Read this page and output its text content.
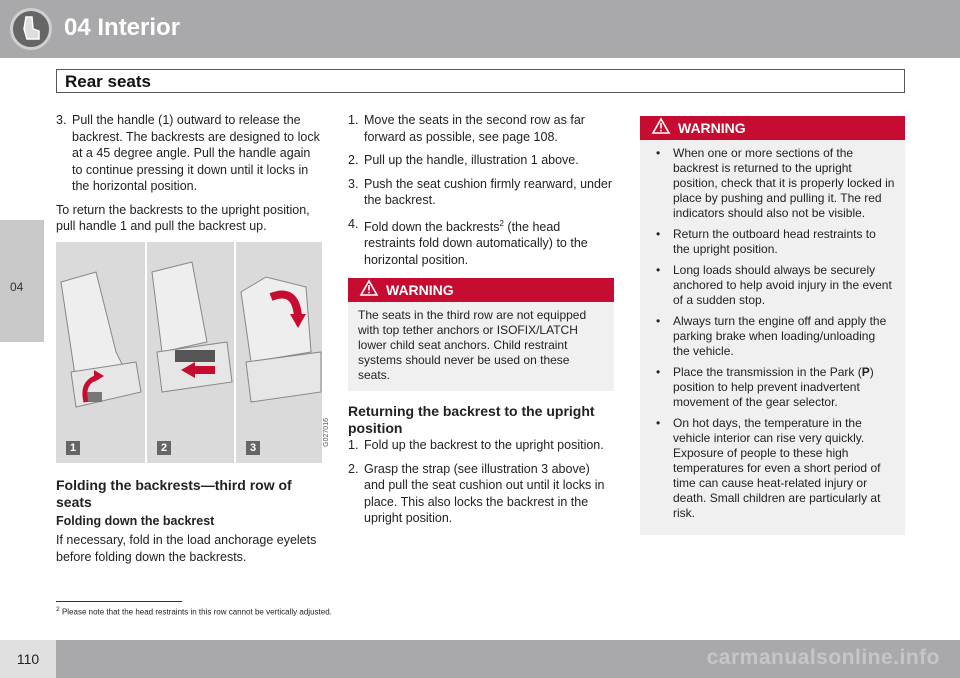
04 Interior
Rear seats
04
3. Pull the handle (1) outward to release the backrest. The backrests are designed to lock at a 45 degree angle. Pull the handle again to continue pressing it down until it locks in the horizontal position.
To return the backrests to the upright position, pull handle 1 and pull the backrest up.
1	2	3
G027016
Folding the backrests—third row of seats
Folding down the backrest
If necessary, fold in the load anchorage eyelets before folding down the backrests.
1. Move the seats in the second row as far forward as possible, see page 108.
2. Pull up the handle, illustration 1 above.
3. Push the seat cushion firmly rearward, under the backrest.
4. Fold down the backrests$^2$ (the head restraints fold down automatically) to the horizontal position.
WARNING
The seats in the third row are not equipped with top tether anchors or ISOFIX/LATCH lower child seat anchors. Child restraint systems should never be used on these seats.
Returning the backrest to the upright position
1. Fold up the backrest to the upright position.
2. Grasp the strap (see illustration 3 above) and pull the seat cushion out until it locks in place. This also locks the backrest in the upright position.
WARNING
• When one or more sections of the backrest is returned to the upright position, check that it is properly locked in place by pushing and pulling it. The red indicators should also not be visible.
• Return the outboard head restraints to the upright position.
• Long loads should always be securely anchored to help avoid injury in the event of a sudden stop.
• Always turn the engine off and apply the parking brake when loading/unloading the vehicle.
• Place the transmission in the Park (P) position to help prevent inadvertent movement of the gear selector.
• On hot days, the temperature in the vehicle interior can rise very quickly. Exposure of people to these high temperatures for even a short period of time can cause heat-related injury or death. Small children are particularly at risk.
$^2$ Please note that the head restraints in this row cannot be vertically adjusted.
110	carmanualsonline.info
